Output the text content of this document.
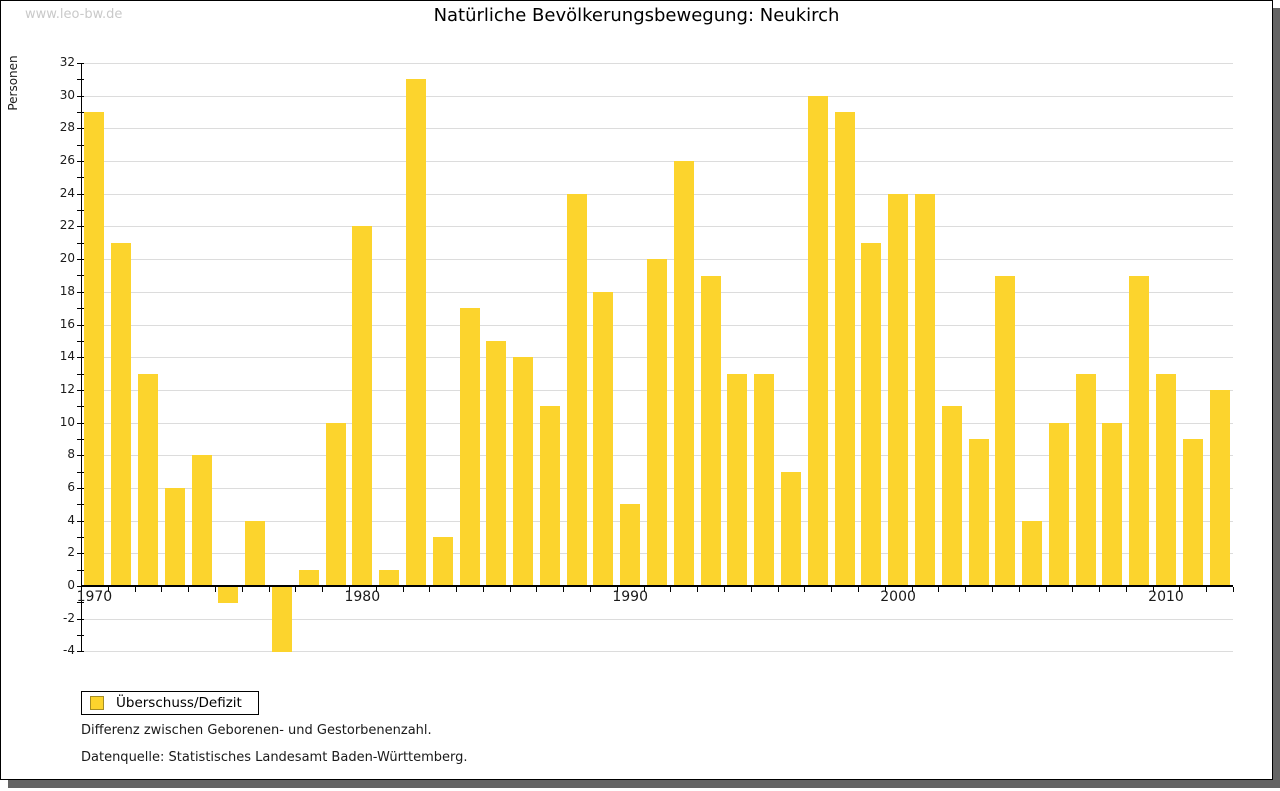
www.leo-bw.de	Natürliche Bevölkerungsbewegung: Neukirch
Personen
-4
-2
0
2
4
6
8
10
12
14
16
18
20
22
24
26
28
30
32
1970	1980	1990	2000	2010
Überschuss/Defizit
Differenz zwischen Geborenen- und Gestorbenenzahl.
Datenquelle: Statistisches Landesamt Baden-Württemberg.
